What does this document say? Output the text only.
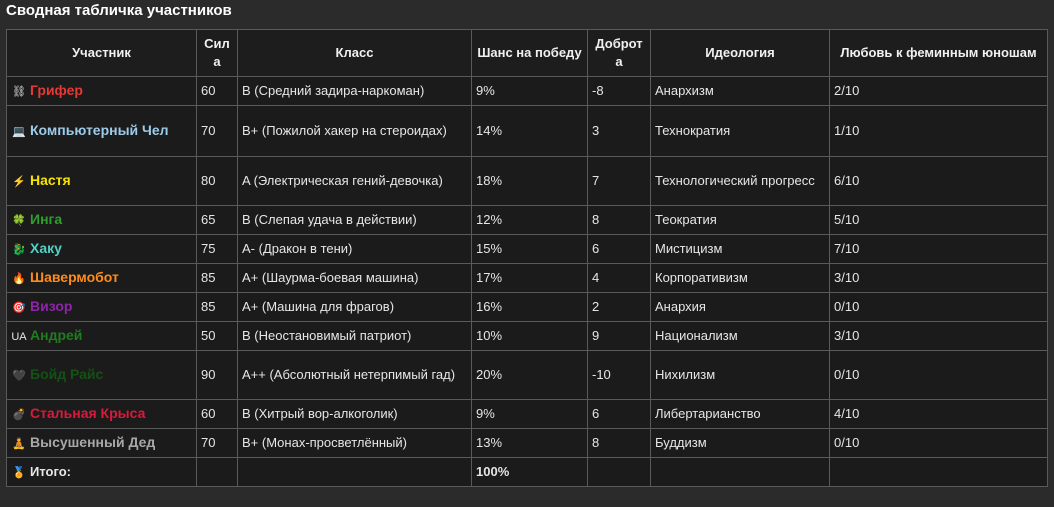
Сводная табличка участников
Участник	Сил а	Класс	Шанс на победу	Доброт а	Идеология	Любовь к феминным юношам
⛓ Грифер	60	B (Средний задира-наркоман)	9%	-8	Анархизм	2/10
💻 Компьютерный Чел	70	B+ (Пожилой хакер на стероидах)	14%	3	Технократия	1/10
⚡ Настя	80	A (Электрическая гений-девочка)	18%	7	Технологический прогресс	6/10
🍀 Инга	65	B (Слепая удача в действии)	12%	8	Теократия	5/10
🐉 Хаку	75	A- (Дракон в тени)	15%	6	Мистицизм	7/10
🔥 Шавермобот	85	A+ (Шаурма-боевая машина)	17%	4	Корпоративизм	3/10
🎯 Визор	85	A+ (Машина для фрагов)	16%	2	Анархия	0/10
UA Андрей	50	B (Неостановимый патриот)	10%	9	Национализм	3/10
🖤 Бойд Райс	90	A++ (Абсолютный нетерпимый гад)	20%	-10	Нихилизм	0/10
💣 Стальная Крыса	60	B (Хитрый вор-алкоголик)	9%	6	Либертарианство	4/10
🧘 Высушенный Дед	70	B+ (Монах-просветлённый)	13%	8	Буддизм	0/10
🏅 Итого:			100%			
